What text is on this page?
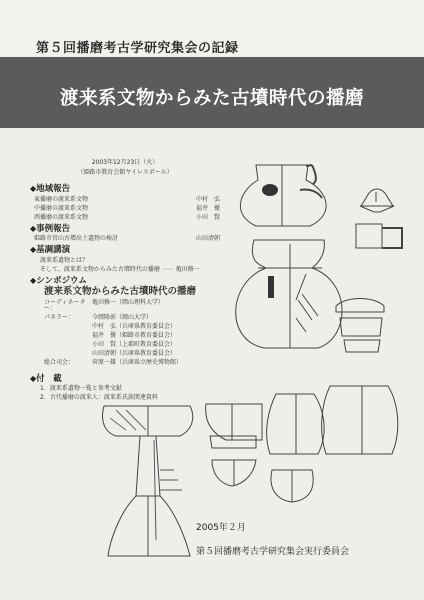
第５回播磨考古学研究集会の記録
渡来系文物からみた古墳時代の播磨
2003年12月23日（火）
（姫路市教育会館ヤイレスポール）
◆地域報告
東播磨の渡来系文物	中村　弘
中播磨の渡来系文物	福井　優
西播磨の渡来系文物	小田　賢
◆事例報告
姫路市宮山古墳出土遺物の検討	山田清朝
◆基調講演
渡来系遺物とは？
そして、渡来系文物からみた古墳時代の播磨 ⋯⋯ 亀田修一
◆シンポジウム
渡来系文物からみた古墳時代の播磨
コーディネーター：
亀田修一（岡山理科大学）
パネラー：	今岡隆彰（岡山大学）
中村　弘（兵庫県教育委員会）
福井　優（姫路市教育委員会）
小田　賢（上郡町教育委員会）
山田清朝（兵庫県教育委員会）
総合司会：	菅原一雄（兵庫県立歴史博物館）
◆付　載
1．渡来系遺物一覧と参考文献
2．古代播磨の渡来人：渡来系氏族関連資料
2005年２月
第５回播磨考古学研究集会実行委員会
